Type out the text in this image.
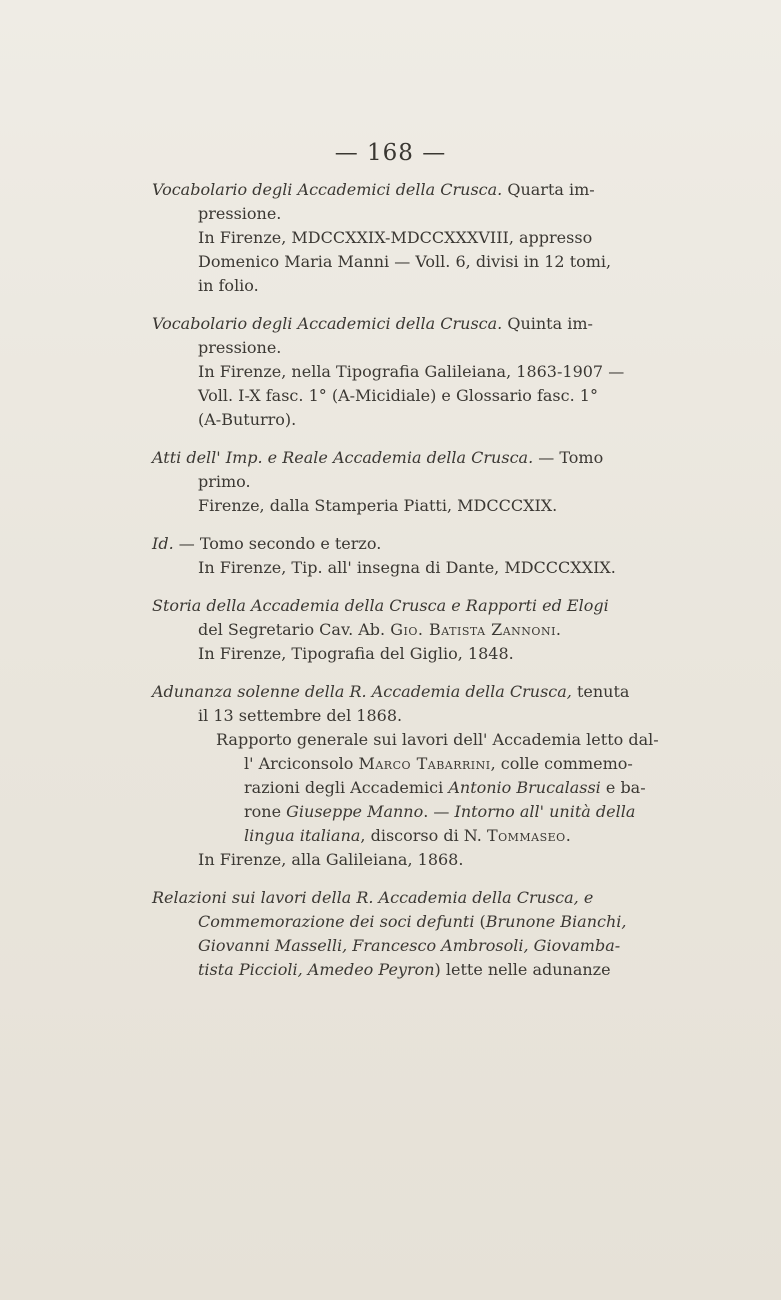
— 168 —

Vocabolario degli Accademici della Crusca. Quarta im-

pressione.

In Firenze, MDCCXXIX-MDCCXXXVIII, appresso

Domenico Maria Manni — Voll. 6, divisi in 12 tomi,

in folio.

Vocabolario degli Accademici della Crusca. Quinta im-

pressione.

In Firenze, nella Tipografia Galileiana, 1863-1907 —

Voll. I-X fasc. 1° (A-Micidiale) e Glossario fasc. 1°

(A-Buturro).

Atti dell' Imp. e Reale Accademia della Crusca. — Tomo

primo.

Firenze, dalla Stamperia Piatti, MDCCCXIX.

Id. — Tomo secondo e terzo.

In Firenze, Tip. all' insegna di Dante, MDCCCXXIX.

Storia della Accademia della Crusca e Rapporti ed Elogi

del Segretario Cav. Ab. Gio. Batista Zannoni.

In Firenze, Tipografia del Giglio, 1848.

Adunanza solenne della R. Accademia della Crusca, tenuta

il 13 settembre del 1868.

Rapporto generale sui lavori dell' Accademia letto dal-

l' Arciconsolo Marco Tabarrini, colle commemo-

razioni degli Accademici Antonio Brucalassi e ba-

rone Giuseppe Manno. — Intorno all' unità della

lingua italiana, discorso di N. Tommaseo.

In Firenze, alla Galileiana, 1868.

Relazioni sui lavori della R. Accademia della Crusca, e

Commemorazione dei soci defunti (Brunone Bianchi,

Giovanni Masselli, Francesco Ambrosoli, Giovamba-

tista Piccioli, Amedeo Peyron) lette nelle adunanze
